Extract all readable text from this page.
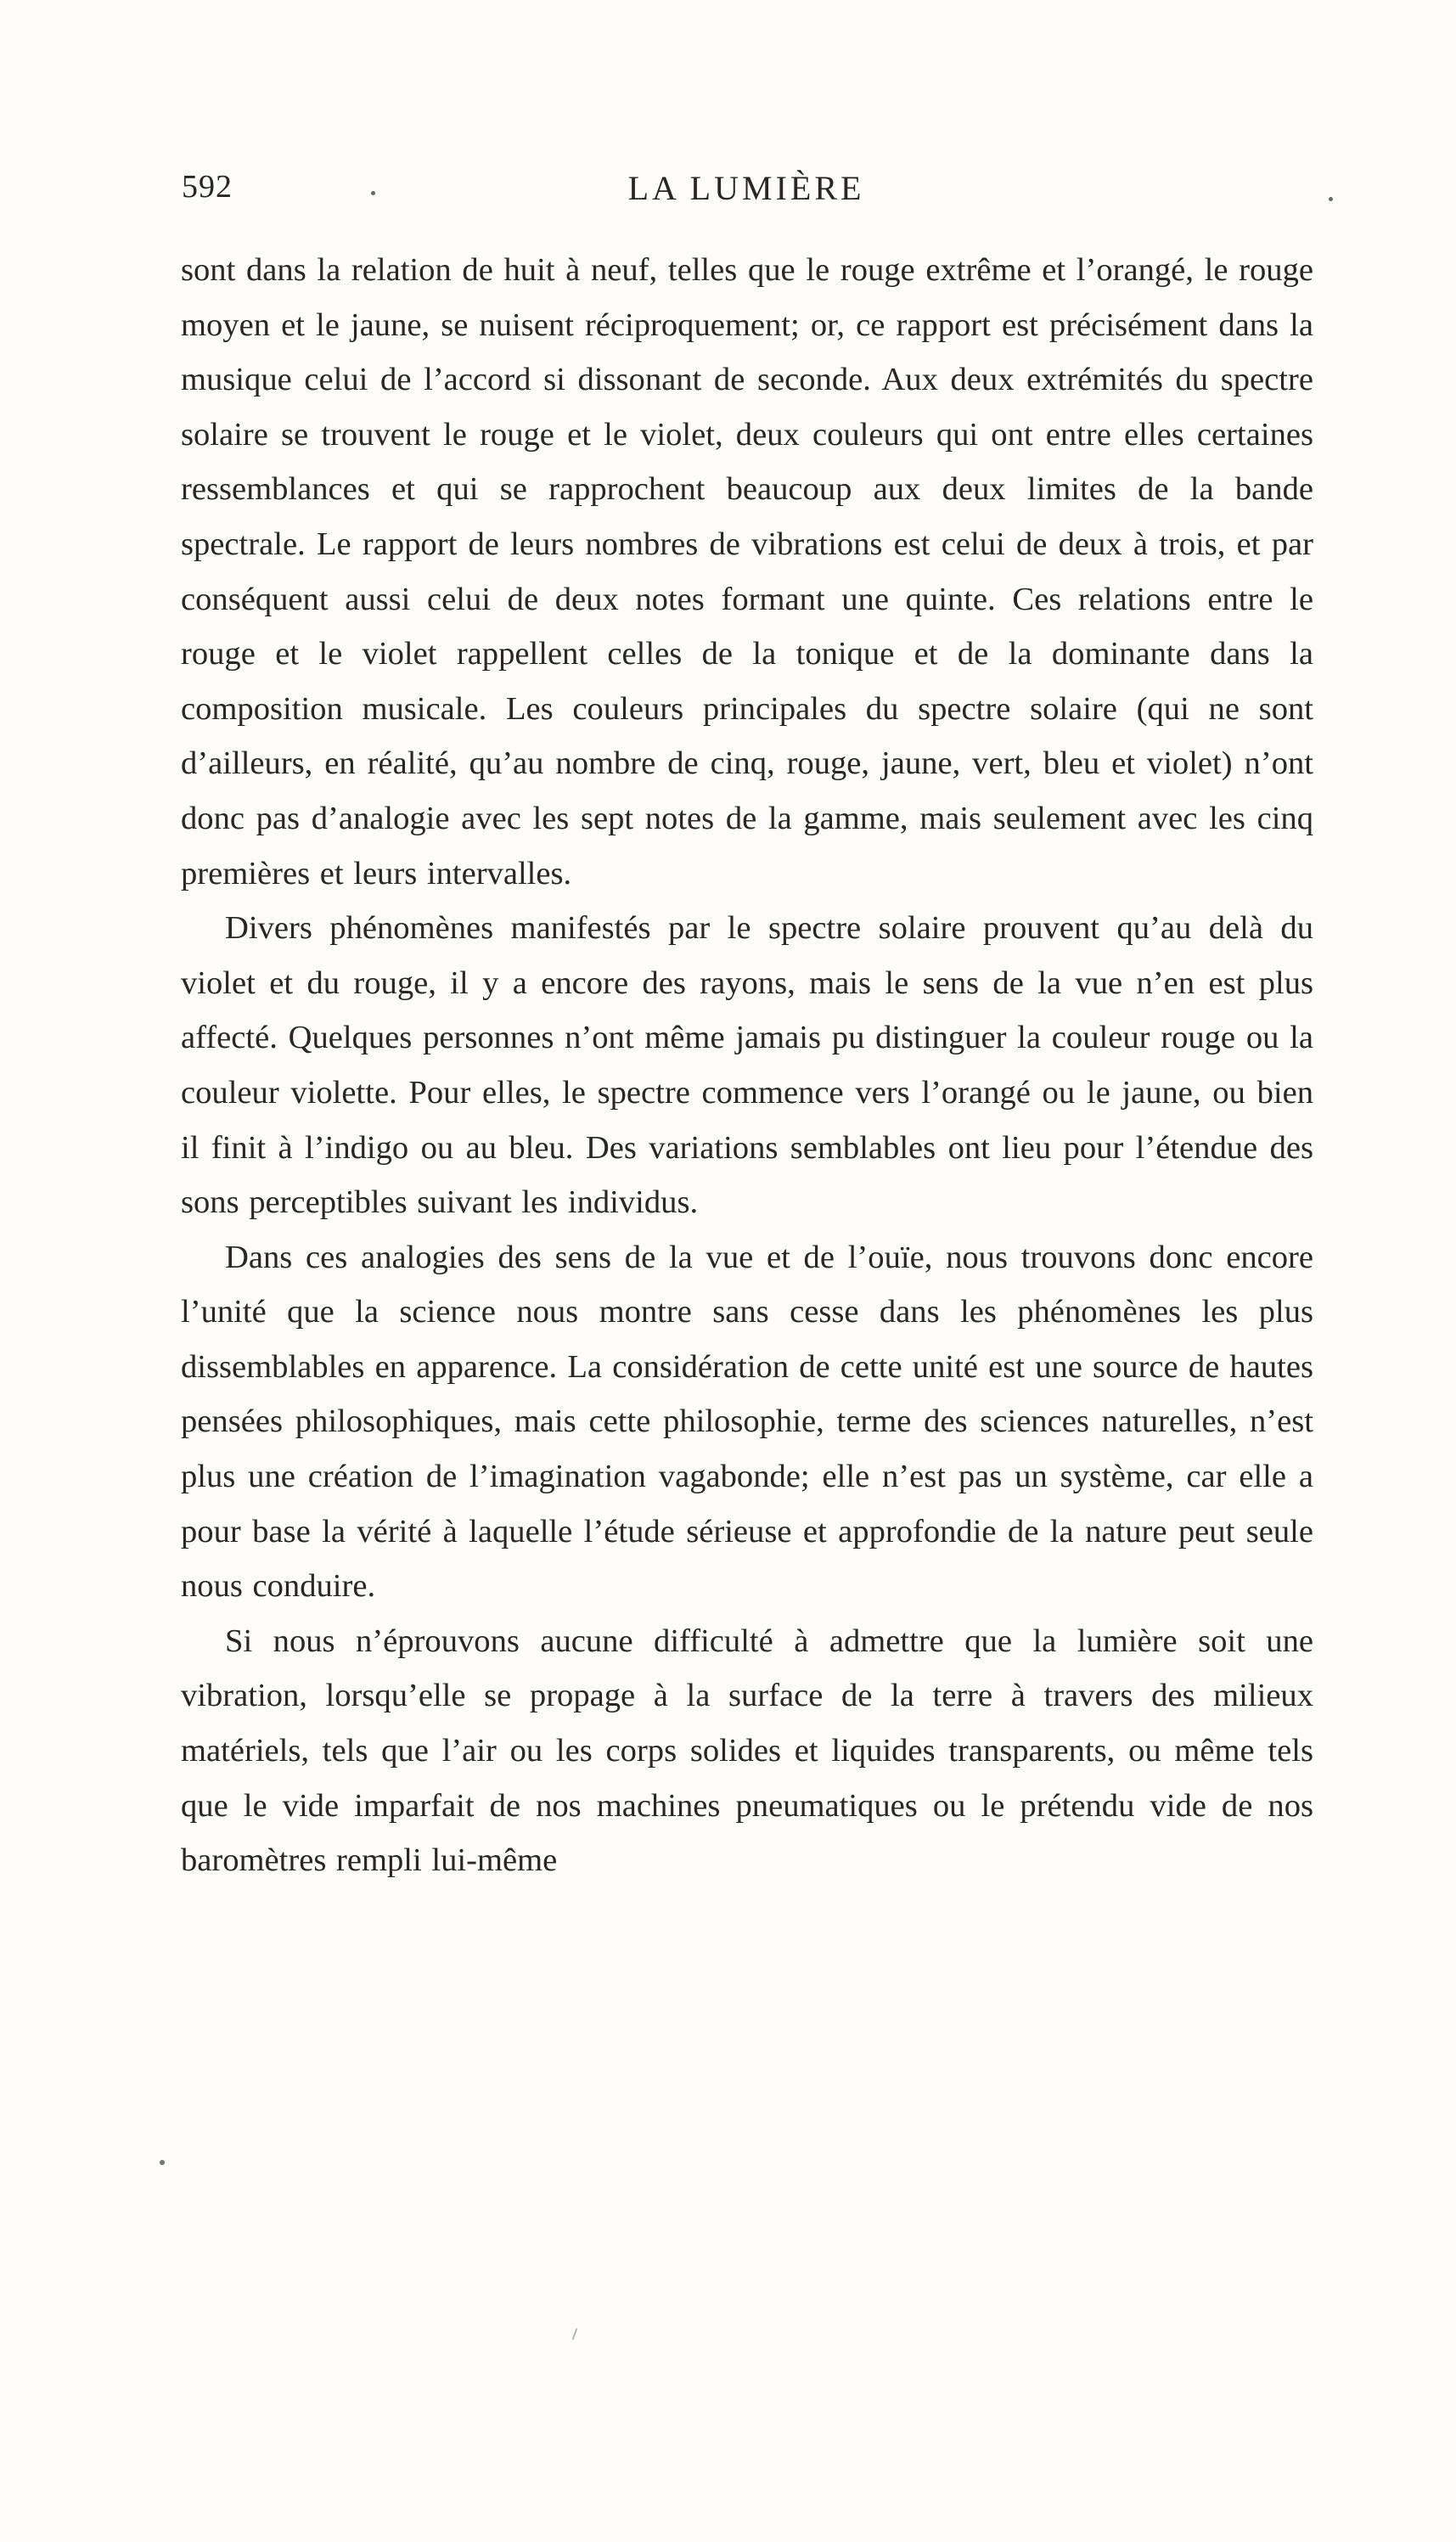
592	LA LUMIÈRE

sont dans la relation de huit à neuf, telles que le rouge extrême et l’orangé, le rouge moyen et le jaune, se nuisent réciproquement; or, ce rapport est précisément dans la musique celui de l’accord si dissonant de seconde. Aux deux extrémités du spectre solaire se trouvent le rouge et le violet, deux couleurs qui ont entre elles certaines ressemblances et qui se rapprochent beaucoup aux deux limites de la bande spectrale. Le rapport de leurs nombres de vibrations est celui de deux à trois, et par conséquent aussi celui de deux notes formant une quinte. Ces relations entre le rouge et le violet rappellent celles de la tonique et de la dominante dans la composition musicale. Les couleurs principales du spectre solaire (qui ne sont d’ailleurs, en réalité, qu’au nombre de cinq, rouge, jaune, vert, bleu et violet) n’ont donc pas d’analogie avec les sept notes de la gamme, mais seulement avec les cinq premières et leurs intervalles.

Divers phénomènes manifestés par le spectre solaire prouvent qu’au delà du violet et du rouge, il y a encore des rayons, mais le sens de la vue n’en est plus affecté. Quelques personnes n’ont même jamais pu distinguer la couleur rouge ou la couleur violette. Pour elles, le spectre commence vers l’orangé ou le jaune, ou bien il finit à l’indigo ou au bleu. Des variations semblables ont lieu pour l’étendue des sons perceptibles suivant les individus.

Dans ces analogies des sens de la vue et de l’ouïe, nous trouvons donc encore l’unité que la science nous montre sans cesse dans les phénomènes les plus dissemblables en apparence. La considération de cette unité est une source de hautes pensées philosophiques, mais cette philosophie, terme des sciences naturelles, n’est plus une création de l’imagination vagabonde; elle n’est pas un système, car elle a pour base la vérité à laquelle l’étude sérieuse et approfondie de la nature peut seule nous conduire.

Si nous n’éprouvons aucune difficulté à admettre que la lumière soit une vibration, lorsqu’elle se propage à la surface de la terre à travers des milieux matériels, tels que l’air ou les corps solides et liquides transparents, ou même tels que le vide imparfait de nos machines pneumatiques ou le prétendu vide de nos baromètres rempli lui-même
